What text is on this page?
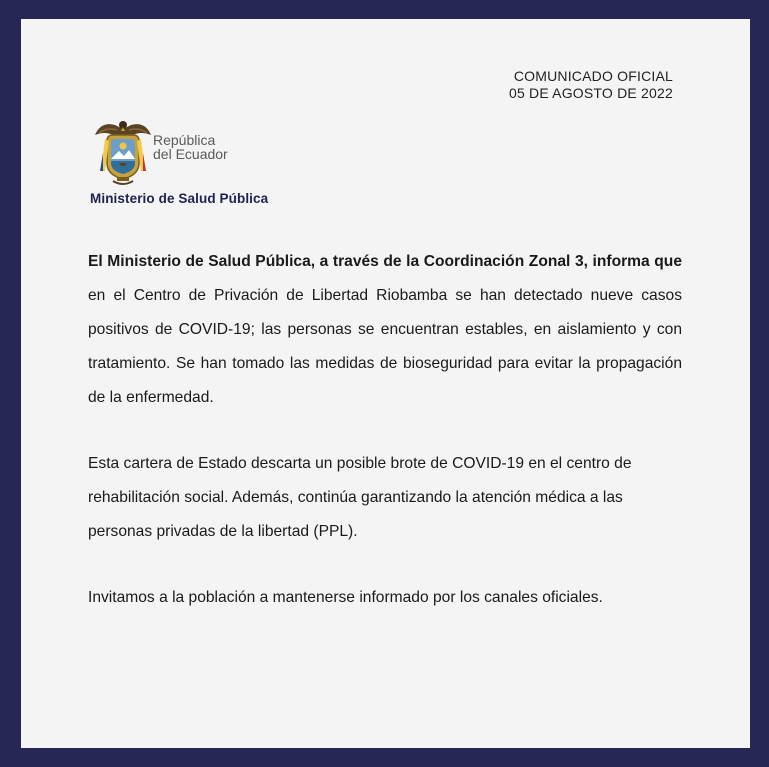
COMUNICADO OFICIAL
05 DE AGOSTO DE 2022
República
del Ecuador
Ministerio de Salud Pública

El Ministerio de Salud Pública, a través de la Coordinación Zonal 3, informa que en el Centro de Privación de Libertad Riobamba se han detectado nueve casos positivos de COVID-19; las personas se encuentran estables, en aislamiento y con tratamiento. Se han tomado las medidas de bioseguridad para evitar la propagación de la enfermedad.

Esta cartera de Estado descarta un posible brote de COVID-19 en el centro de rehabilitación social. Además, continúa garantizando la atención médica a las personas privadas de la libertad (PPL).

Invitamos a la población a mantenerse informado por los canales oficiales.
